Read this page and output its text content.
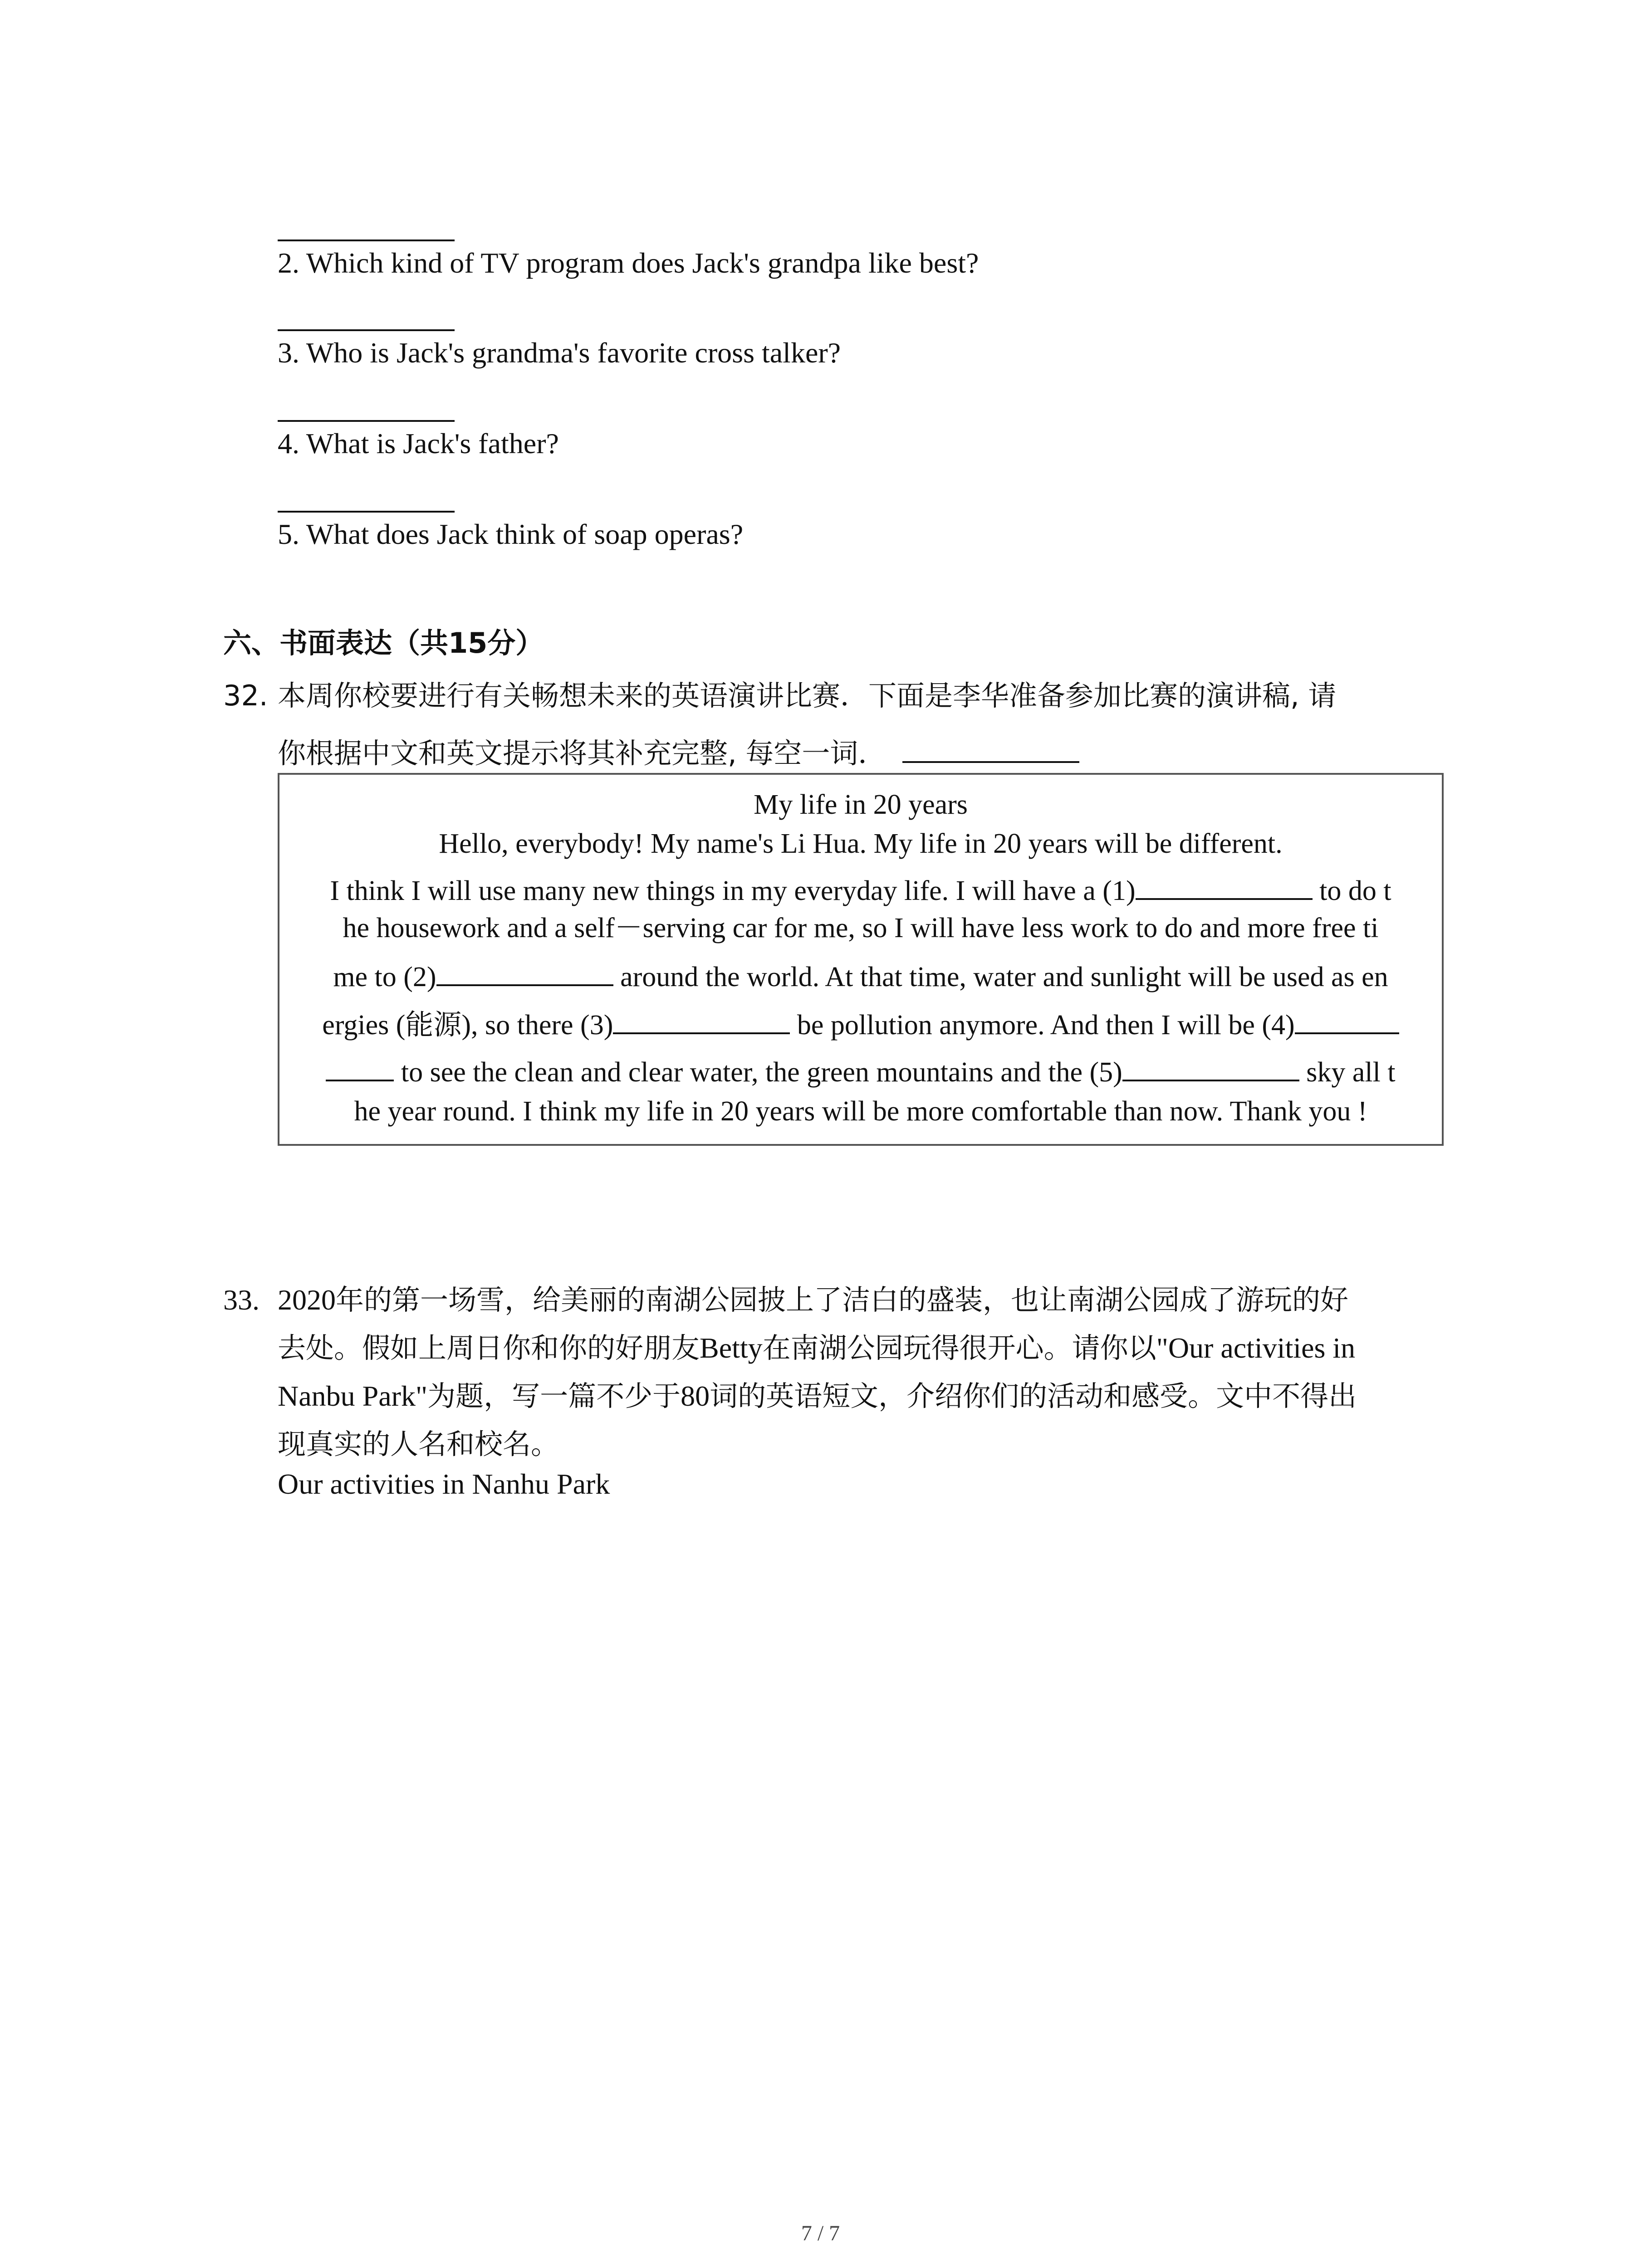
2. Which kind of TV program does Jack's grandpa like best?
3. Who is Jack's grandma's favorite cross talker?
4. What is Jack's father?
5. What does Jack think of soap operas?
六、书面表达（共15分）
32. 本周你校要进行有关畅想未来的英语演讲比赛．下面是李华准备参加比赛的演讲稿, 请
你根据中文和英文提示将其补充完整, 每空一词．
My life in 20 years
Hello, everybody! My name's Li Hua. My life in 20 years will be different.
I think I will use many new things in my everyday life. I will have a (1)	to do t
he housework and a self－serving car for me, so I will have less work to do and more free ti
me to (2)	around the world. At that time, water and sunlight will be used as en
ergies (能源), so there (3)	be pollution anymore. And then I will be (4)
to see the clean and clear water, the green mountains and the (5)	sky all t
he year round. I think my life in 20 years will be more comfortable than now. Thank you !
33. 2020年的第一场雪，给美丽的南湖公园披上了洁白的盛装，也让南湖公园成了游玩的好
去处。假如上周日你和你的好朋友Betty在南湖公园玩得很开心。请你以"Our activities in
Nanbu Park"为题，写一篇不少于80词的英语短文，介绍你们的活动和感受。文中不得出
现真实的人名和校名。
Our activities in Nanhu Park
7 / 7
